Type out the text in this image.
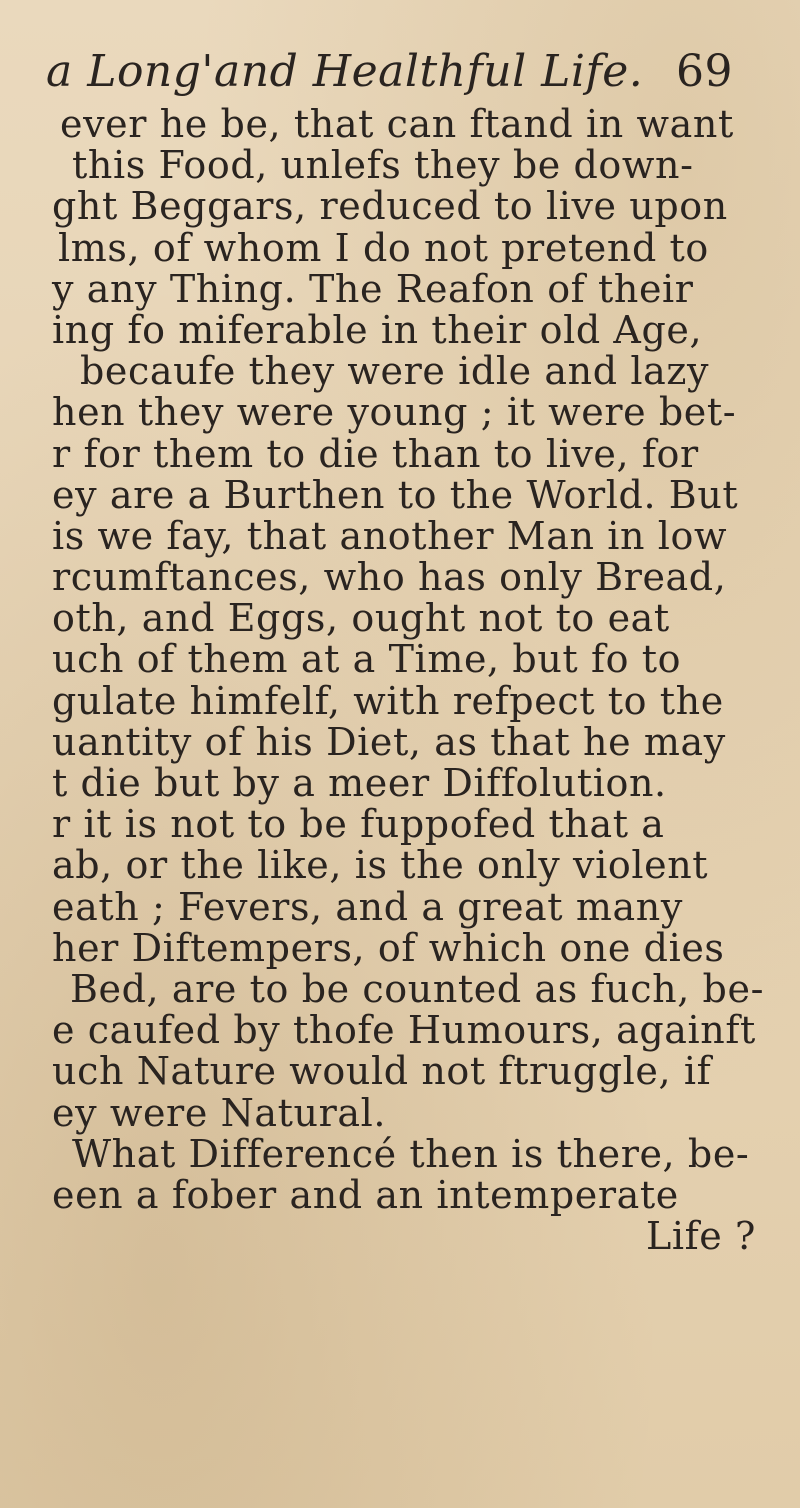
a Long'and Healthful Life. 69
ever he be, that can ftand in want
this Food, unlefs they be down-
ght Beggars, reduced to live upon
lms, of whom I do not pretend to
y any Thing. The Reafon of their
ing fo miferable in their old Age,
becaufe they were idle and lazy
hen they were young ; it were bet-
r for them to die than to live, for
ey are a Burthen to the World. But
is we fay, that another Man in low
rcumftances, who has only Bread,
oth, and Eggs, ought not to eat
uch of them at a Time, but fo to
gulate himfelf, with refpect to the
uantity of his Diet, as that he may
t die but by a meer Diffolution.
r it is not to be fuppofed that a
ab, or the like, is the only violent
eath ; Fevers, and a great many
her Diftempers, of which one dies
Bed, are to be counted as fuch, be-
e caufed by thofe Humours, againft
uch Nature would not ftruggle, if
ey were Natural.
What Differencé then is there, be-
een a fober and an intemperate
Life ?
